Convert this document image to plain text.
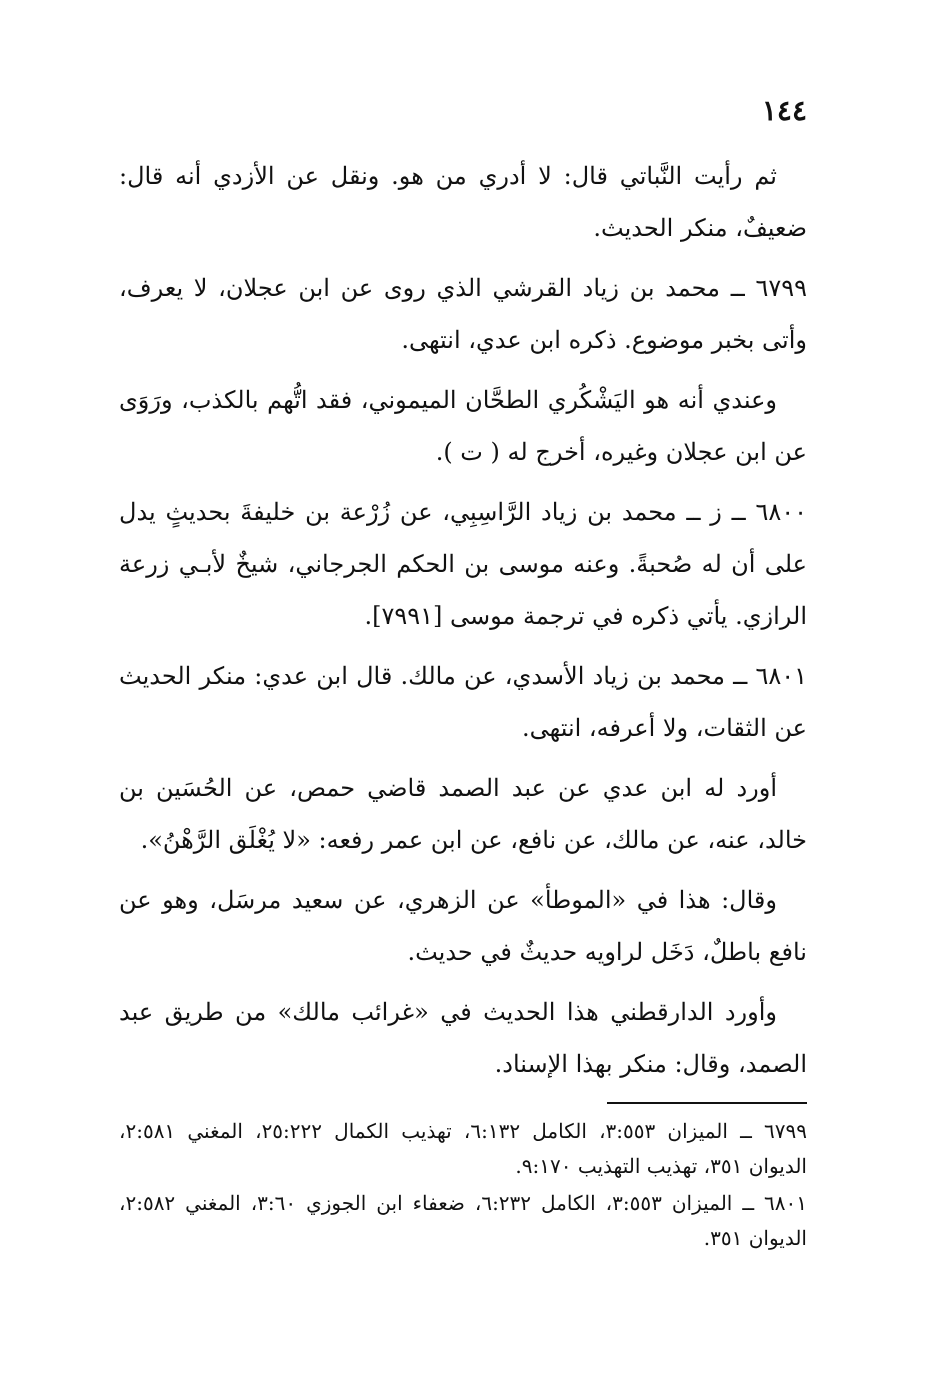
١٤٤

ثم رأيت النَّباتي قال: لا أدري من هو. ونقل عن الأزدي أنه قال: ضعيفٌ، منكر الحديث.

٦٧٩٩ ــ محمد بن زياد القرشي الذي روى عن ابن عجلان، لا يعرف، وأتى بخبر موضوع. ذكره ابن عدي، انتهى.

وعندي أنه هو اليَشْكُري الطحَّان الميموني، فقد اتُّهم بالكذب، ورَوَى عن ابن عجلان وغيره، أخرج له ( ت ).

٦٨٠٠ ــ ز ــ محمد بن زياد الرَّاسِبِي، عن زُرْعة بن خليفةَ بحديثٍ يدل على أن له صُحبةً. وعنه موسى بن الحكم الجرجاني، شيخٌ لأبـي زرعة الرازي. يأتي ذكره في ترجمة موسى [٧٩٩١].

٦٨٠١ ــ محمد بن زياد الأسدي، عن مالك. قال ابن عدي: منكر الحديث عن الثقات، ولا أعرفه، انتهى.

أورد له ابن عدي عن عبد الصمد قاضي حمص، عن الحُسَين بن خالد، عنه، عن مالك، عن نافع، عن ابن عمر رفعه: «لا يُغْلَق الرَّهْنُ».

وقال: هذا في «الموطأ» عن الزهري، عن سعيد مرسَل، وهو عن نافع باطلٌ، دَخَل لراويه حديثٌ في حديث.

وأورد الدارقطني هذا الحديث في «غرائب مالك» من طريق عبد الصمد، وقال: منكر بهذا الإسناد.

٦٧٩٩ ــ الميزان ٣:٥٥٣، الكامل ٦:١٣٢، تهذيب الكمال ٢٥:٢٢٢، المغني ٢:٥٨١، الديوان ٣٥١، تهذيب التهذيب ٩:١٧٠.

٦٨٠١ ــ الميزان ٣:٥٥٣، الكامل ٦:٢٣٢، ضعفاء ابن الجوزي ٣:٦٠، المغني ٢:٥٨٢، الديوان ٣٥١.
